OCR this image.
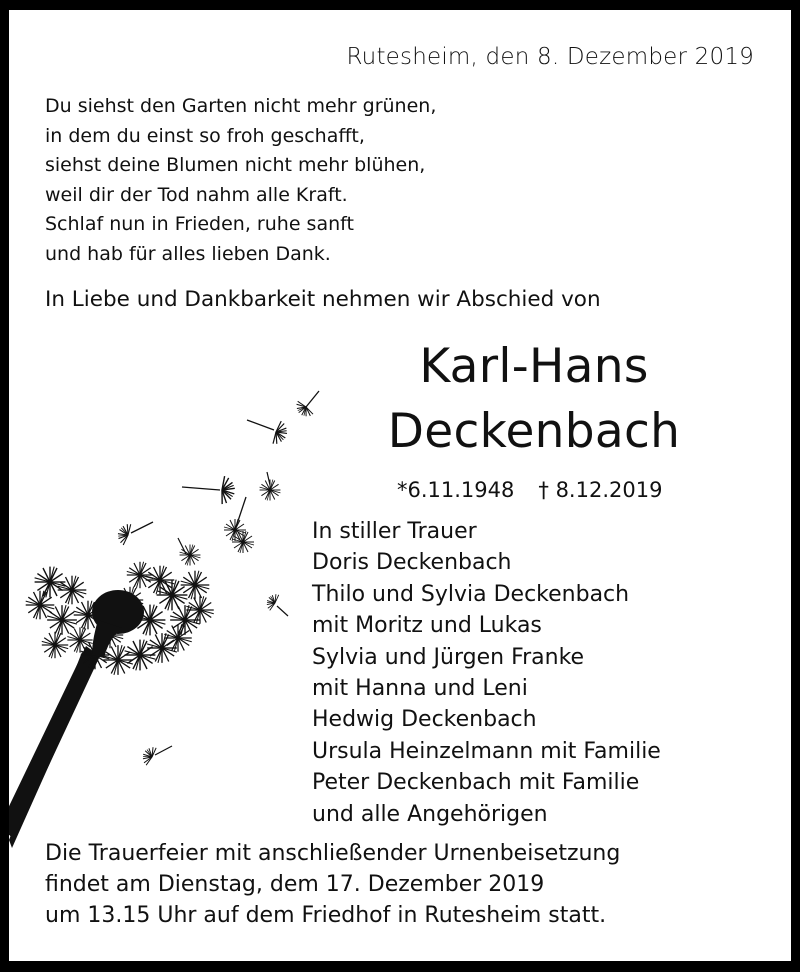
Rutesheim, den 8. Dezember 2019
Du siehst den Garten nicht mehr grünen,
in dem du einst so froh geschafft,
siehst deine Blumen nicht mehr blühen,
weil dir der Tod nahm alle Kraft.
Schlaf nun in Frieden, ruhe sanft
und hab für alles lieben Dank.
In Liebe und Dankbarkeit nehmen wir Abschied von
Karl-Hans
Deckenbach
*6.11.1948 † 8.12.2019
In stiller Trauer
Doris Deckenbach
Thilo und Sylvia Deckenbach
mit Moritz und Lukas
Sylvia und Jürgen Franke
mit Hanna und Leni
Hedwig Deckenbach
Ursula Heinzelmann mit Familie
Peter Deckenbach mit Familie
und alle Angehörigen
Die Trauerfeier mit anschließender Urnenbeisetzung
findet am Dienstag, dem 17. Dezember 2019
um 13.15 Uhr auf dem Friedhof in Rutesheim statt.
